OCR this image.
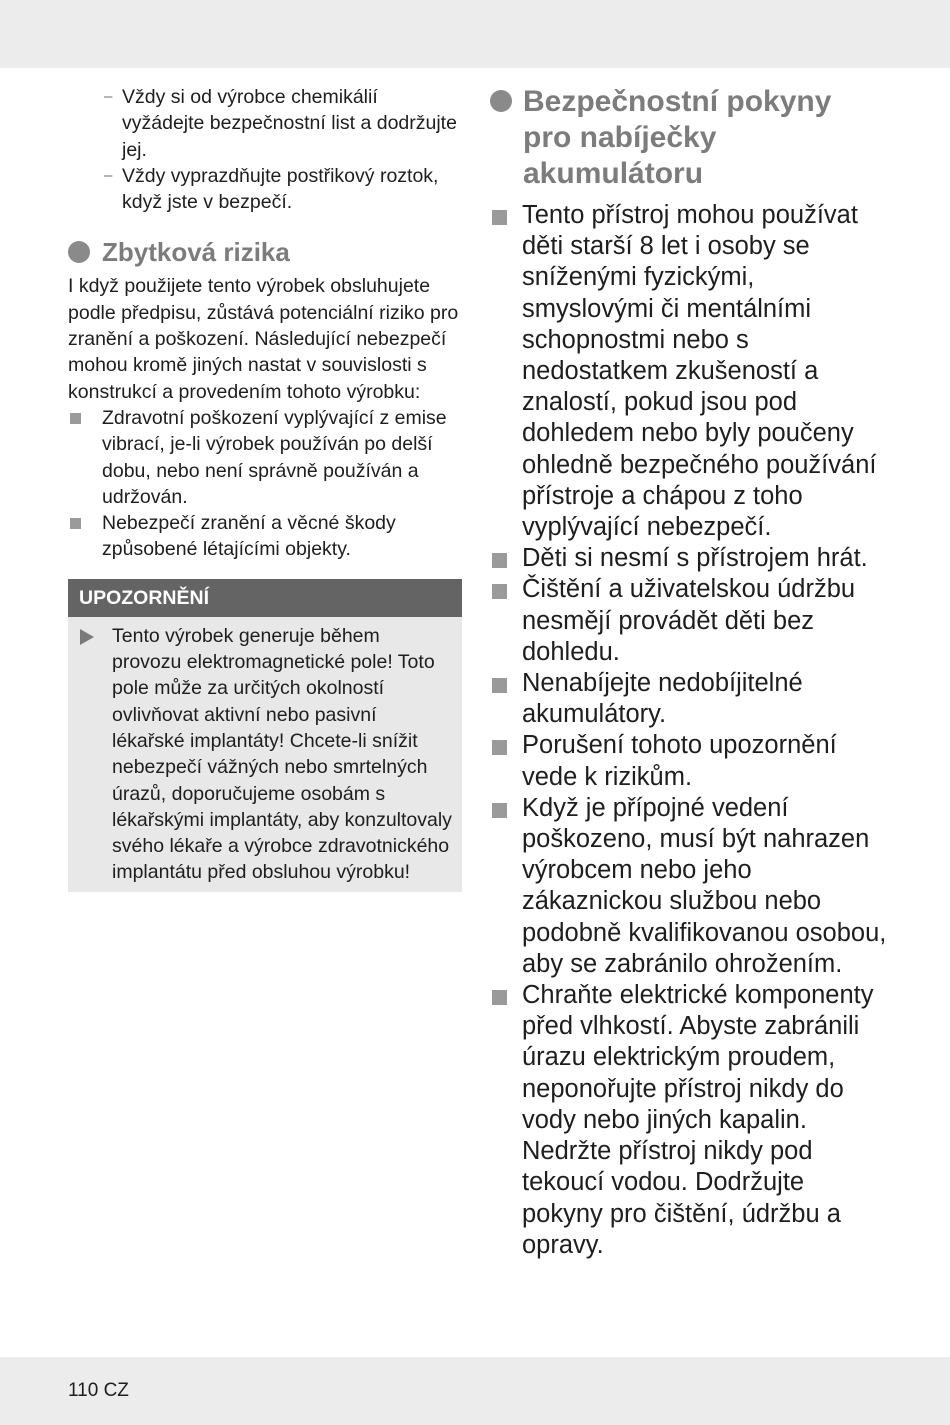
– Vždy si od výrobce chemikálií vyžádejte bezpečnostní list a dodržujte jej.
– Vždy vyprazdňujte postřikový roztok, když jste v bezpečí.
Zbytková rizika

I když použijete tento výrobek obsluhujete podle předpisu, zůstává potenciální riziko pro zranění a poškození. Následující nebezpečí mohou kromě jiných nastat v souvislosti s konstrukcí a provedením tohoto výrobku:

Zdravotní poškození vyplývající z emise vibrací, je-li výrobek používán po delší dobu, nebo není správně používán a udržován.
Nebezpečí zranění a věcné škody způsobené létajícími objekty.
UPOZORNĚNÍ
Tento výrobek generuje během provozu elektromagnetické pole! Toto pole může za určitých okolností ovlivňovat aktivní nebo pasivní lékařské implantáty! Chcete-li snížit nebezpečí vážných nebo smrtelných úrazů, doporučujeme osobám s lékařskými implantáty, aby konzultovaly svého lékaře a výrobce zdravotnického implantátu před obsluhou výrobku!
Bezpečnostní pokyny pro nabíječky akumulátoru
Tento přístroj mohou používat děti starší 8 let i osoby se sníženými fyzickými, smyslovými či mentálními schopnostmi nebo s nedostatkem zkušeností a znalostí, pokud jsou pod dohledem nebo byly poučeny ohledně bezpečného používání přístroje a chápou z toho vyplývající nebezpečí.
Děti si nesmí s přístrojem hrát.
Čištění a uživatelskou údržbu nesmějí provádět děti bez dohledu.
Nenabíjejte nedobíjitelné akumulátory.
Porušení tohoto upozornění vede k rizikům.
Když je přípojné vedení poškozeno, musí být nahrazen výrobcem nebo jeho zákaznickou službou nebo podobně kvalifikovanou osobou, aby se zabránilo ohrožením.
Chraňte elektrické komponenty před vlhkostí. Abyste zabránili úrazu elektrickým proudem, neponořujte přístroj nikdy do vody nebo jiných kapalin. Nedržte přístroj nikdy pod tekoucí vodou. Dodržujte pokyny pro čištění, údržbu a opravy.
110 CZ
